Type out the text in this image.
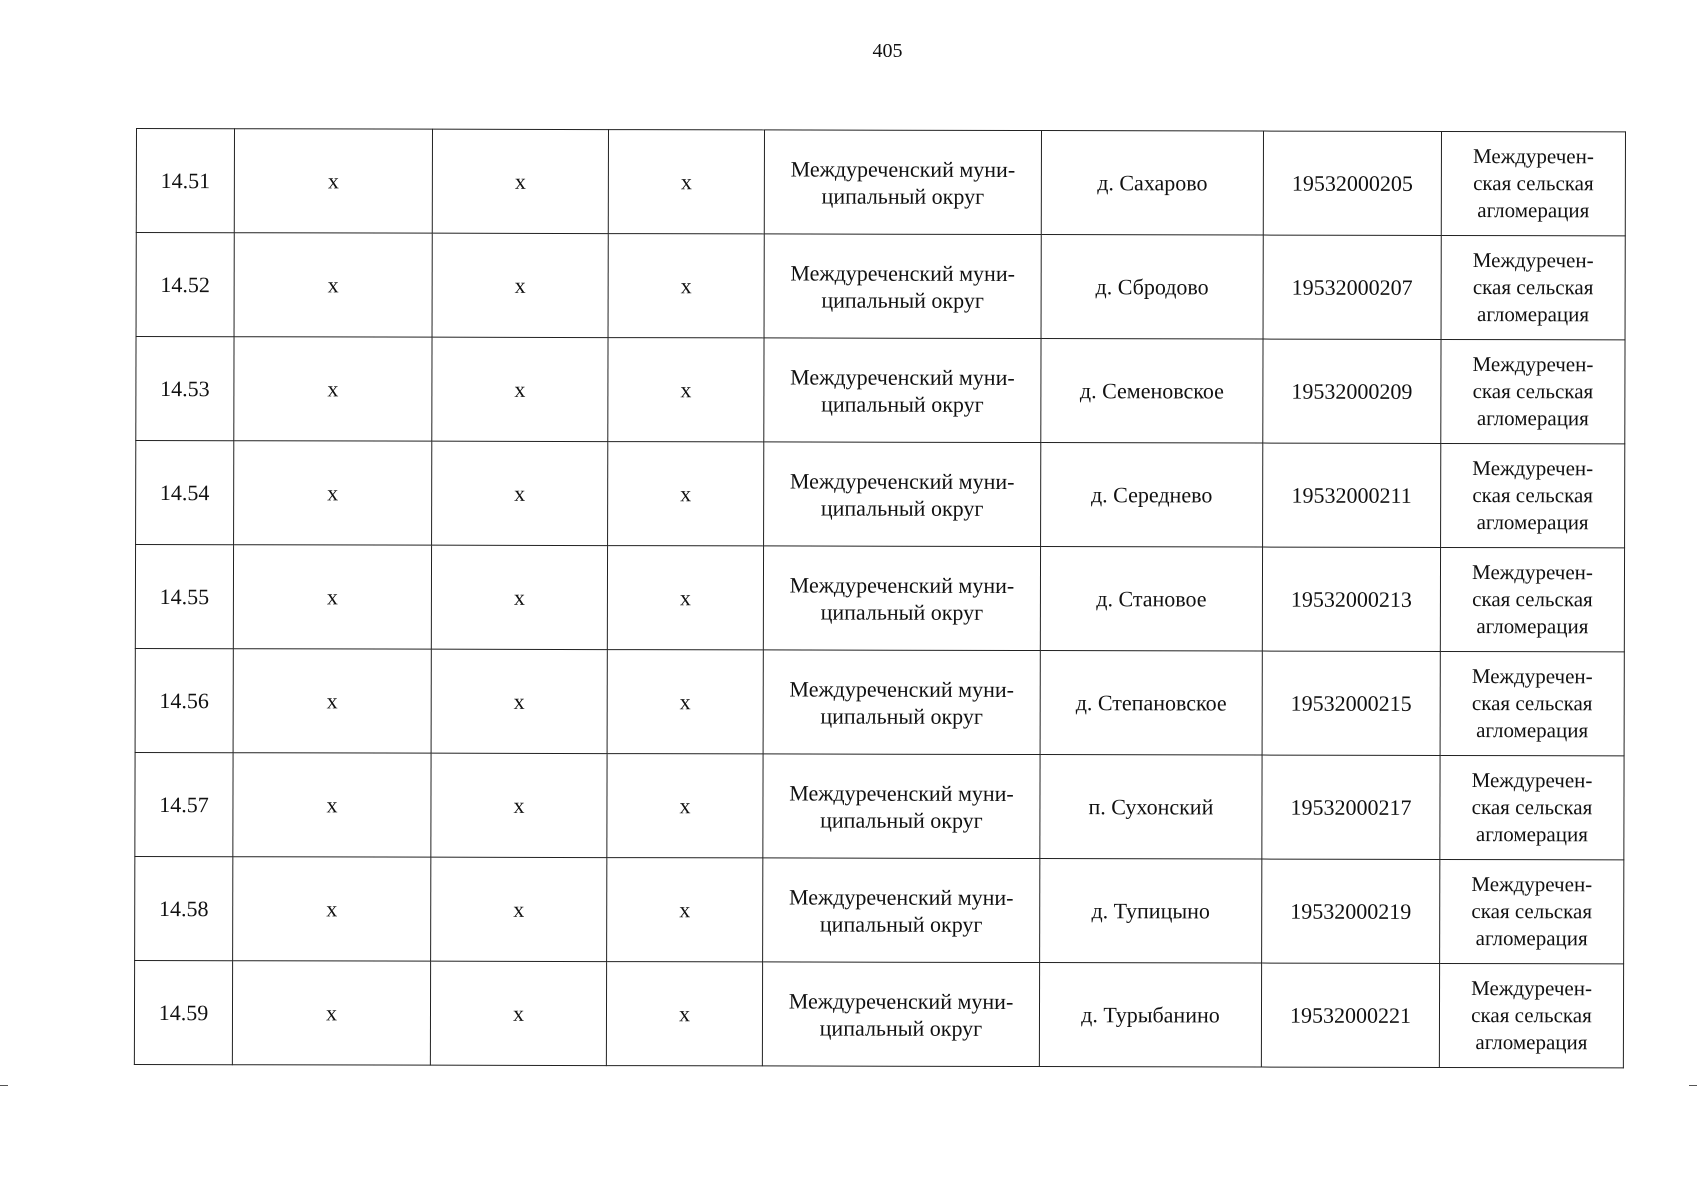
405
14.51	x	x	x	Междуреченский муни-
ципальный округ	д. Сахарово	19532000205	Междуречен-
ская сельская
агломерация

14.52	x	x	x	Междуреченский муни-
ципальный округ	д. Сбродово	19532000207	Междуречен-
ская сельская
агломерация

14.53	x	x	x	Междуреченский муни-
ципальный округ	д. Семеновское	19532000209	Междуречен-
ская сельская
агломерация

14.54	x	x	x	Междуреченский муни-
ципальный округ	д. Середнево	19532000211	Междуречен-
ская сельская
агломерация

14.55	x	x	x	Междуреченский муни-
ципальный округ	д. Становое	19532000213	Междуречен-
ская сельская
агломерация

14.56	x	x	x	Междуреченский муни-
ципальный округ	д. Степановское	19532000215	Междуречен-
ская сельская
агломерация

14.57	x	x	x	Междуреченский муни-
ципальный округ	п. Сухонский	19532000217	Междуречен-
ская сельская
агломерация

14.58	x	x	x	Междуреченский муни-
ципальный округ	д. Тупицыно	19532000219	Междуречен-
ская сельская
агломерация

14.59	x	x	x	Междуреченский муни-
ципальный округ	д. Турыбанино	19532000221	Междуречен-
ская сельская
агломерация
